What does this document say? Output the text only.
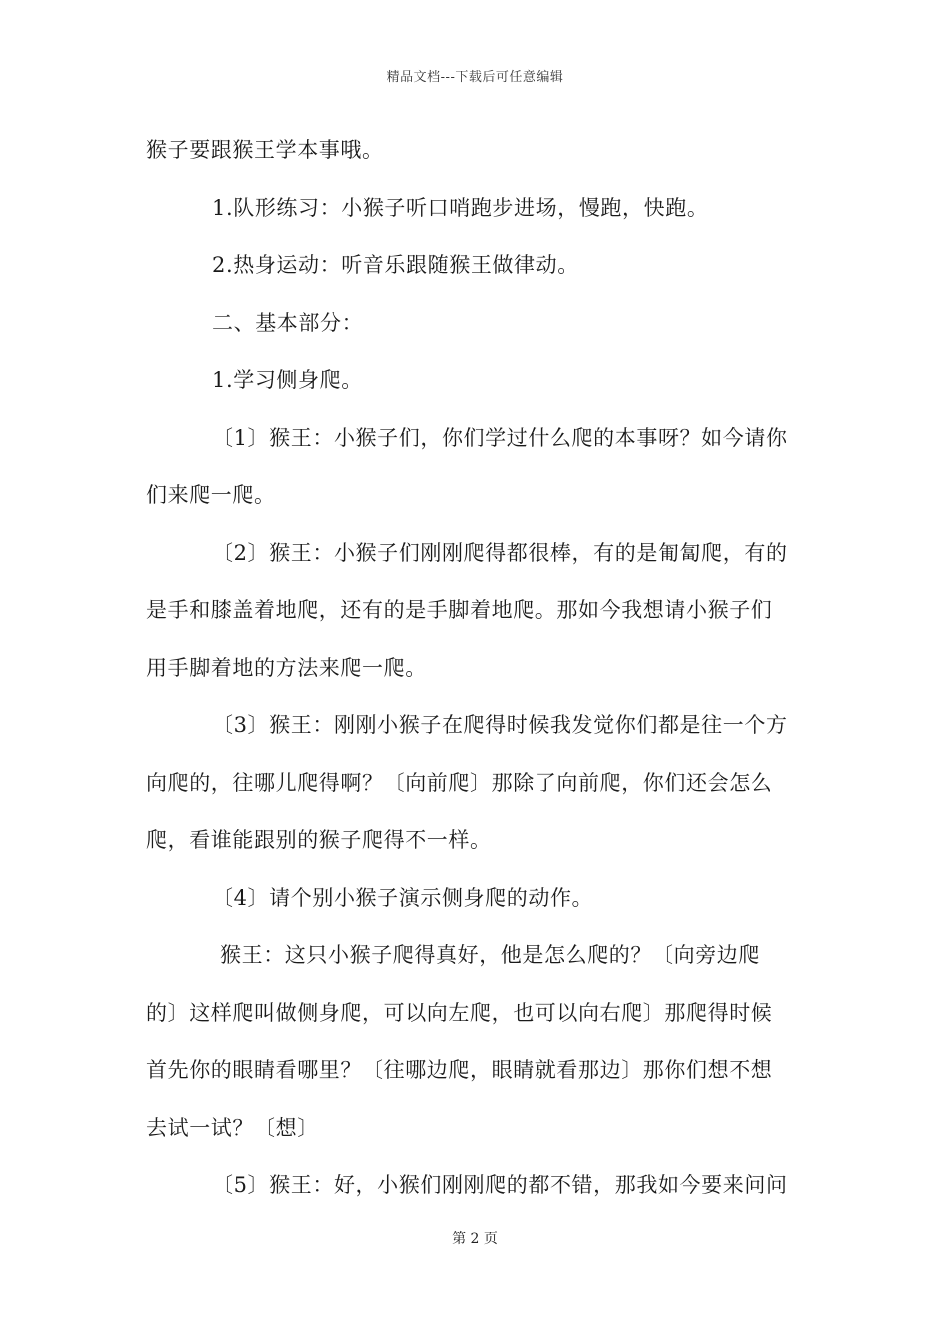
精品文档---下载后可任意编辑
猴子要跟猴王学本事哦。
1.队形练习：小猴子听口哨跑步进场，慢跑，快跑。
2.热身运动：听音乐跟随猴王做律动。
二、基本部分：
1.学习侧身爬。
〔1〕猴王：小猴子们，你们学过什么爬的本事呀？如今请你
们来爬一爬。
〔2〕猴王：小猴子们刚刚爬得都很棒，有的是匍匐爬，有的
是手和膝盖着地爬，还有的是手脚着地爬。那如今我想请小猴子们
用手脚着地的方法来爬一爬。
〔3〕猴王：刚刚小猴子在爬得时候我发觉你们都是往一个方
向爬的，往哪儿爬得啊？〔向前爬〕那除了向前爬，你们还会怎么
爬，看谁能跟别的猴子爬得不一样。
〔4〕请个别小猴子演示侧身爬的动作。
猴王：这只小猴子爬得真好，他是怎么爬的？〔向旁边爬
的〕这样爬叫做侧身爬，可以向左爬，也可以向右爬〕那爬得时候
首先你的眼睛看哪里？〔往哪边爬，眼睛就看那边〕那你们想不想
去试一试？〔想〕
〔5〕猴王：好，小猴们刚刚爬的都不错，那我如今要来问问
第 2 页
